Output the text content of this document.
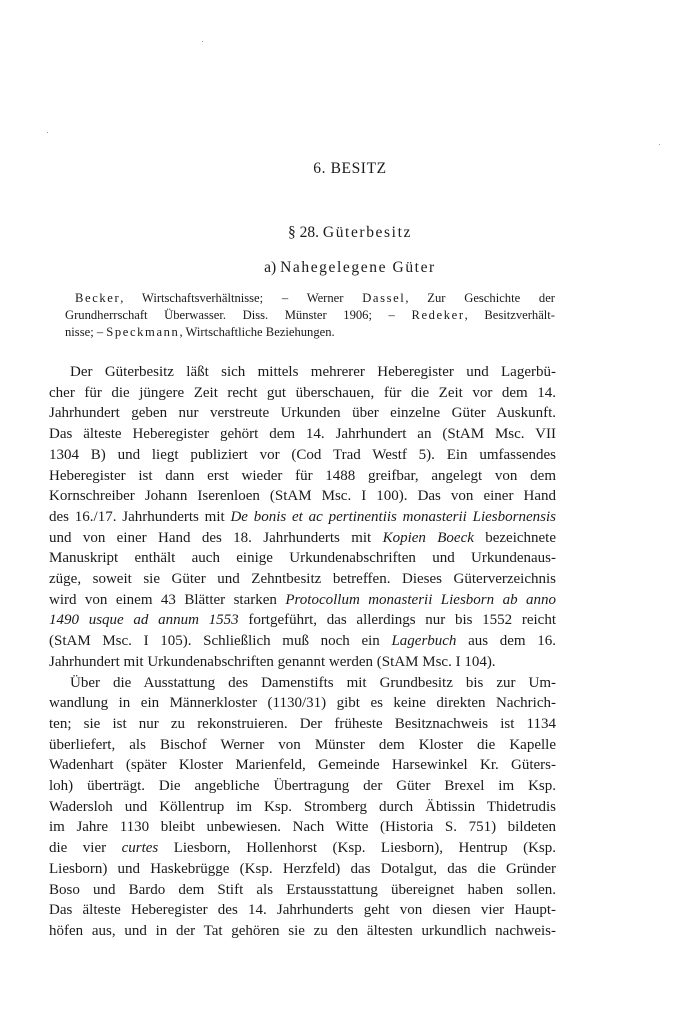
6. BESITZ
§ 28. Güterbesitz
a) Nahegelegene Güter
Becker, Wirtschaftsverhältnisse; – Werner Dassel, Zur Geschichte der
Grundherrschaft Überwasser. Diss. Münster 1906; – Redeker, Besitzverhält-
nisse; – Speckmann, Wirtschaftliche Beziehungen.
Der Güterbesitz läßt sich mittels mehrerer Heberegister und Lagerbü-
cher für die jüngere Zeit recht gut überschauen, für die Zeit vor dem 14.
Jahrhundert geben nur verstreute Urkunden über einzelne Güter Auskunft.
Das älteste Heberegister gehört dem 14. Jahrhundert an (StAM Msc. VII
1304 B) und liegt publiziert vor (Cod Trad Westf 5). Ein umfassendes
Heberegister ist dann erst wieder für 1488 greifbar, angelegt von dem
Kornschreiber Johann Iserenloen (StAM Msc. I 100). Das von einer Hand
des 16./17. Jahrhunderts mit De bonis et ac pertinentiis monasterii Liesbornensis
und von einer Hand des 18. Jahrhunderts mit Kopien Boeck bezeichnete
Manuskript enthält auch einige Urkundenabschriften und Urkundenaus-
züge, soweit sie Güter und Zehntbesitz betreffen. Dieses Güterverzeichnis
wird von einem 43 Blätter starken Protocollum monasterii Liesborn ab anno
1490 usque ad annum 1553 fortgeführt, das allerdings nur bis 1552 reicht
(StAM Msc. I 105). Schließlich muß noch ein Lagerbuch aus dem 16.
Jahrhundert mit Urkundenabschriften genannt werden (StAM Msc. I 104).
Über die Ausstattung des Damenstifts mit Grundbesitz bis zur Um-
wandlung in ein Männerkloster (1130/31) gibt es keine direkten Nachrich-
ten; sie ist nur zu rekonstruieren. Der früheste Besitznachweis ist 1134
überliefert, als Bischof Werner von Münster dem Kloster die Kapelle
Wadenhart (später Kloster Marienfeld, Gemeinde Harsewinkel Kr. Güters-
loh) überträgt. Die angebliche Übertragung der Güter Brexel im Ksp.
Wadersloh und Köllentrup im Ksp. Stromberg durch Äbtissin Thidetrudis
im Jahre 1130 bleibt unbewiesen. Nach Witte (Historia S. 751) bildeten
die vier curtes Liesborn, Hollenhorst (Ksp. Liesborn), Hentrup (Ksp.
Liesborn) und Haskebrügge (Ksp. Herzfeld) das Dotalgut, das die Gründer
Boso und Bardo dem Stift als Erstausstattung übereignet haben sollen.
Das älteste Heberegister des 14. Jahrhunderts geht von diesen vier Haupt-
höfen aus, und in der Tat gehören sie zu den ältesten urkundlich nachweis-
